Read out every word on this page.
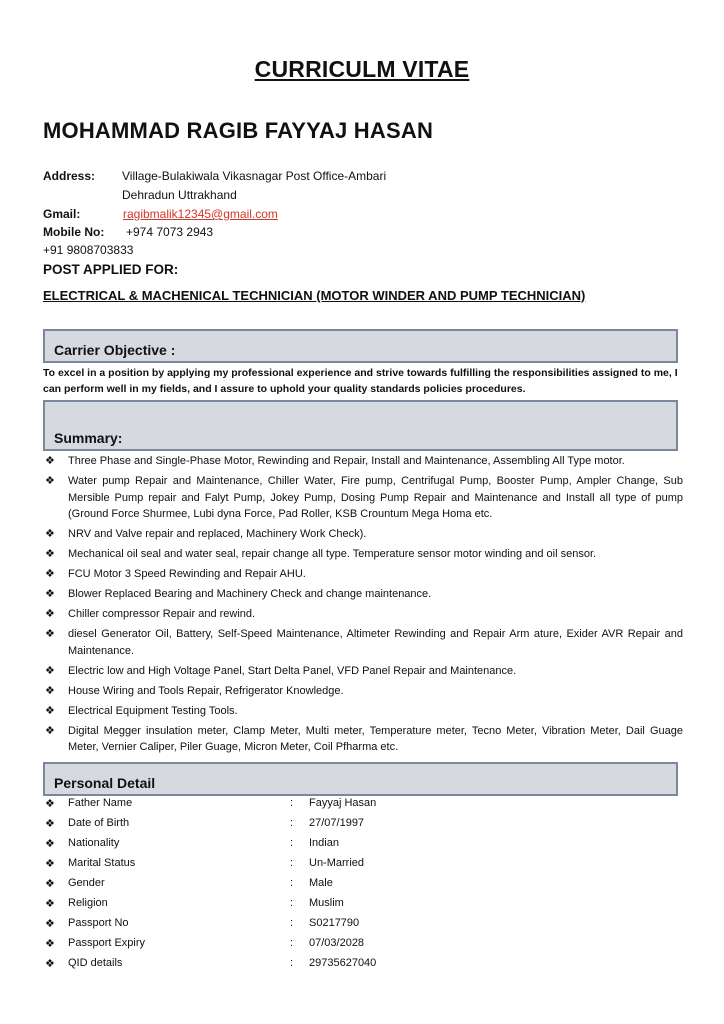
CURRICULM VITAE
MOHAMMAD RAGIB FAYYAJ HASAN
Address: Village-Bulakiwala Vikasnagar Post Office-Ambari
Dehradun Uttrakhand
Gmail:	ragibmalik12345@gmail.com
Mobile No: +974 7073 2943
+91 9808703833
POST APPLIED FOR:
ELECTRICAL & MACHENICAL TECHNICIAN (MOTOR WINDER AND PUMP TECHNICIAN)
Carrier Objective :
To excel in a position by applying my professional experience and strive towards fulfilling the responsibilities assigned to me, I can perform well in my fields, and I assure to uphold your quality standards policies procedures.
Summary:
❖ Three Phase and Single-Phase Motor, Rewinding and Repair, Install and Maintenance, Assembling All Type motor.
❖ Water pump Repair and Maintenance, Chiller Water, Fire pump, Centrifugal Pump, Booster Pump, Ampler Change, Sub Mersible Pump repair and Falyt Pump, Jokey Pump, Dosing Pump Repair and Maintenance and Install all type of pump (Ground Force Shurmee, Lubi dyna Force, Pad Roller, KSB Crountum Mega Homa etc.
❖ NRV and Valve repair and replaced, Machinery Work Check).
❖ Mechanical oil seal and water seal, repair change all type. Temperature sensor motor winding and oil sensor.
❖ FCU Motor 3 Speed Rewinding and Repair AHU.
❖ Blower Replaced Bearing and Machinery Check and change maintenance.
❖ Chiller compressor Repair and rewind.
❖ diesel Generator Oil, Battery, Self-Speed Maintenance, Altimeter Rewinding and Repair Arm ature, Exider AVR Repair and Maintenance.
❖ Electric low and High Voltage Panel, Start Delta Panel, VFD Panel Repair and Maintenance.
❖ House Wiring and Tools Repair, Refrigerator Knowledge.
❖ Electrical Equipment Testing Tools.
❖ Digital Megger insulation meter, Clamp Meter, Multi meter, Temperature meter, Tecno Meter, Vibration Meter, Dail Guage Meter, Vernier Caliper, Piler Guage, Micron Meter, Coil Pfharma etc.
Personal Detail
❖ Father Name	: Fayyaj Hasan
❖ Date of Birth	: 27/07/1997
❖ Nationality	: Indian
❖ Marital Status	: Un-Married
❖ Gender	: Male
❖ Religion	: Muslim
❖ Passport No	: S0217790
❖ Passport Expiry	: 07/03/2028
❖ QID details	: 29735627040
